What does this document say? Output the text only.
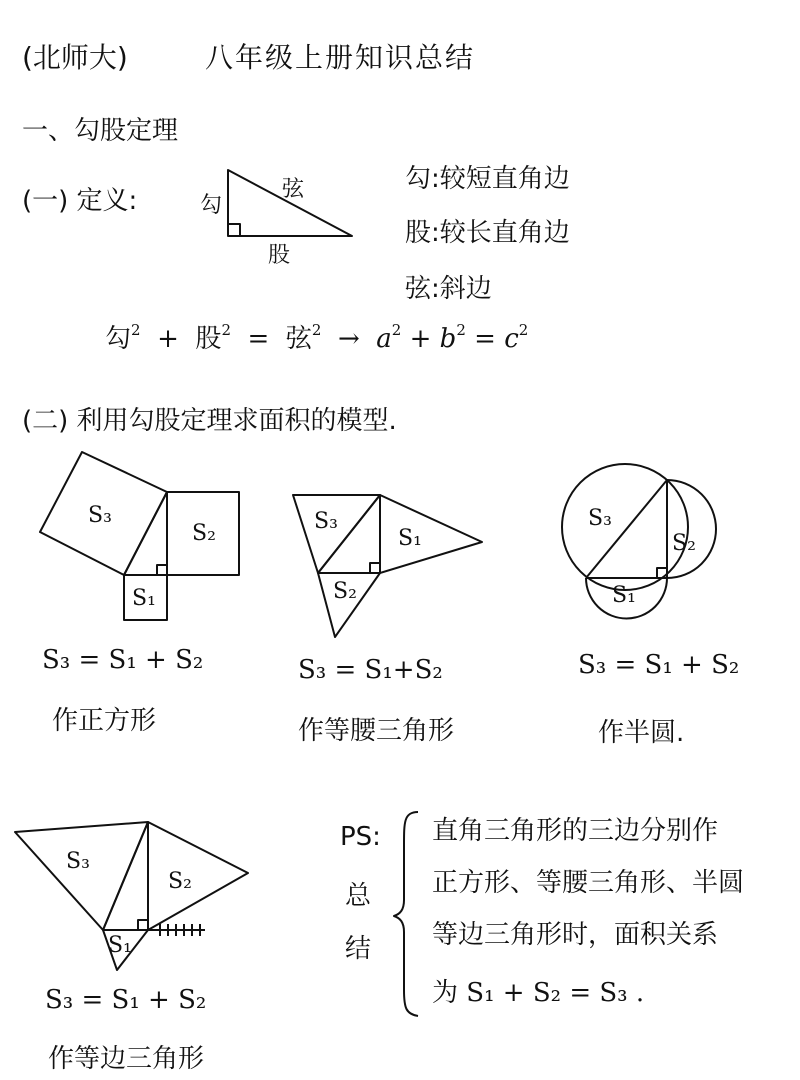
(北师大)	八年级上册知识总结
一、勾股定理
(一) 定义:
勾:较短直角边
股:较长直角边
弦:斜边
勾$^2$ + 股$^2$ = 弦$^2 \to a^2 + b^2 = c^2$
(二) 利用勾股定理求面积的模型.
S₃ = S₁ + S₂
作正方形
S₃ = S₁+S₂
作等腰三角形
S₃ = S₁ + S₂
作半圆.
S₃ = S₁ + S₂
作等边三角形
PS:
总
结
直角三角形的三边分别作
正方形、等腰三角形、半圆
等边三角形时，面积关系
为 S₁ + S₂ = S₃ .
勾
弦
股
S₃
S₂
S₁
S₃
S₁
S₂
S₃
S₂
S₁
S₃
S₂
S₁
